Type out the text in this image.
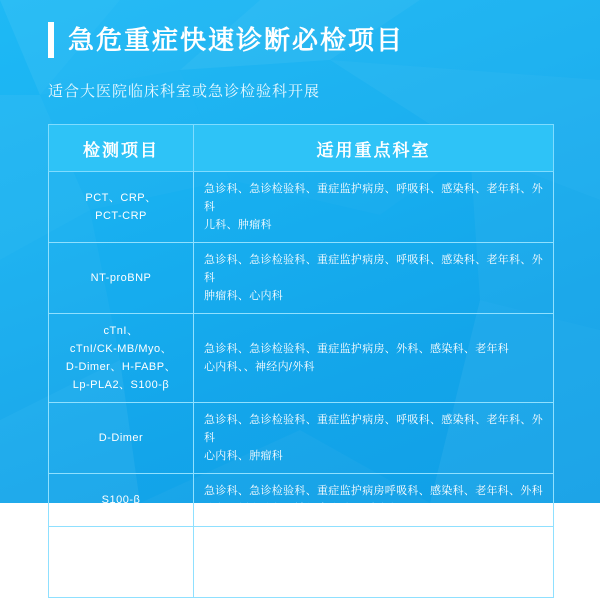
急危重症快速诊断必检项目
适合大医院临床科室或急诊检验科开展
检测项目	适用重点科室

PCT、CRP、
PCT-CRP	急诊科、急诊检验科、重症监护病房、呼吸科、感染科、老年科、外科
儿科、肿瘤科

NT-proBNP	急诊科、急诊检验科、重症监护病房、呼吸科、感染科、老年科、外科
肿瘤科、心内科

cTnI、
cTnI/CK-MB/Myo、
D-Dimer、H-FABP、
Lp-PLA2、S100-β	急诊科、急诊检验科、重症监护病房、外科、感染科、老年科
心内科、、神经内/外科

D-Dimer	急诊科、急诊检验科、重症监护病房、呼吸科、感染科、老年科、外科
心内科、肿瘤科

S100-β	急诊科、急诊检验科、重症监护病房呼吸科、感染科、老年科、外科
儿科、新生儿科、神经内/外科、肿瘤科

NGAL	急诊科、急诊检验科、重症监护病房呼吸科、感染科、老年科、外科、
肿瘤科、肾内科、心内科
